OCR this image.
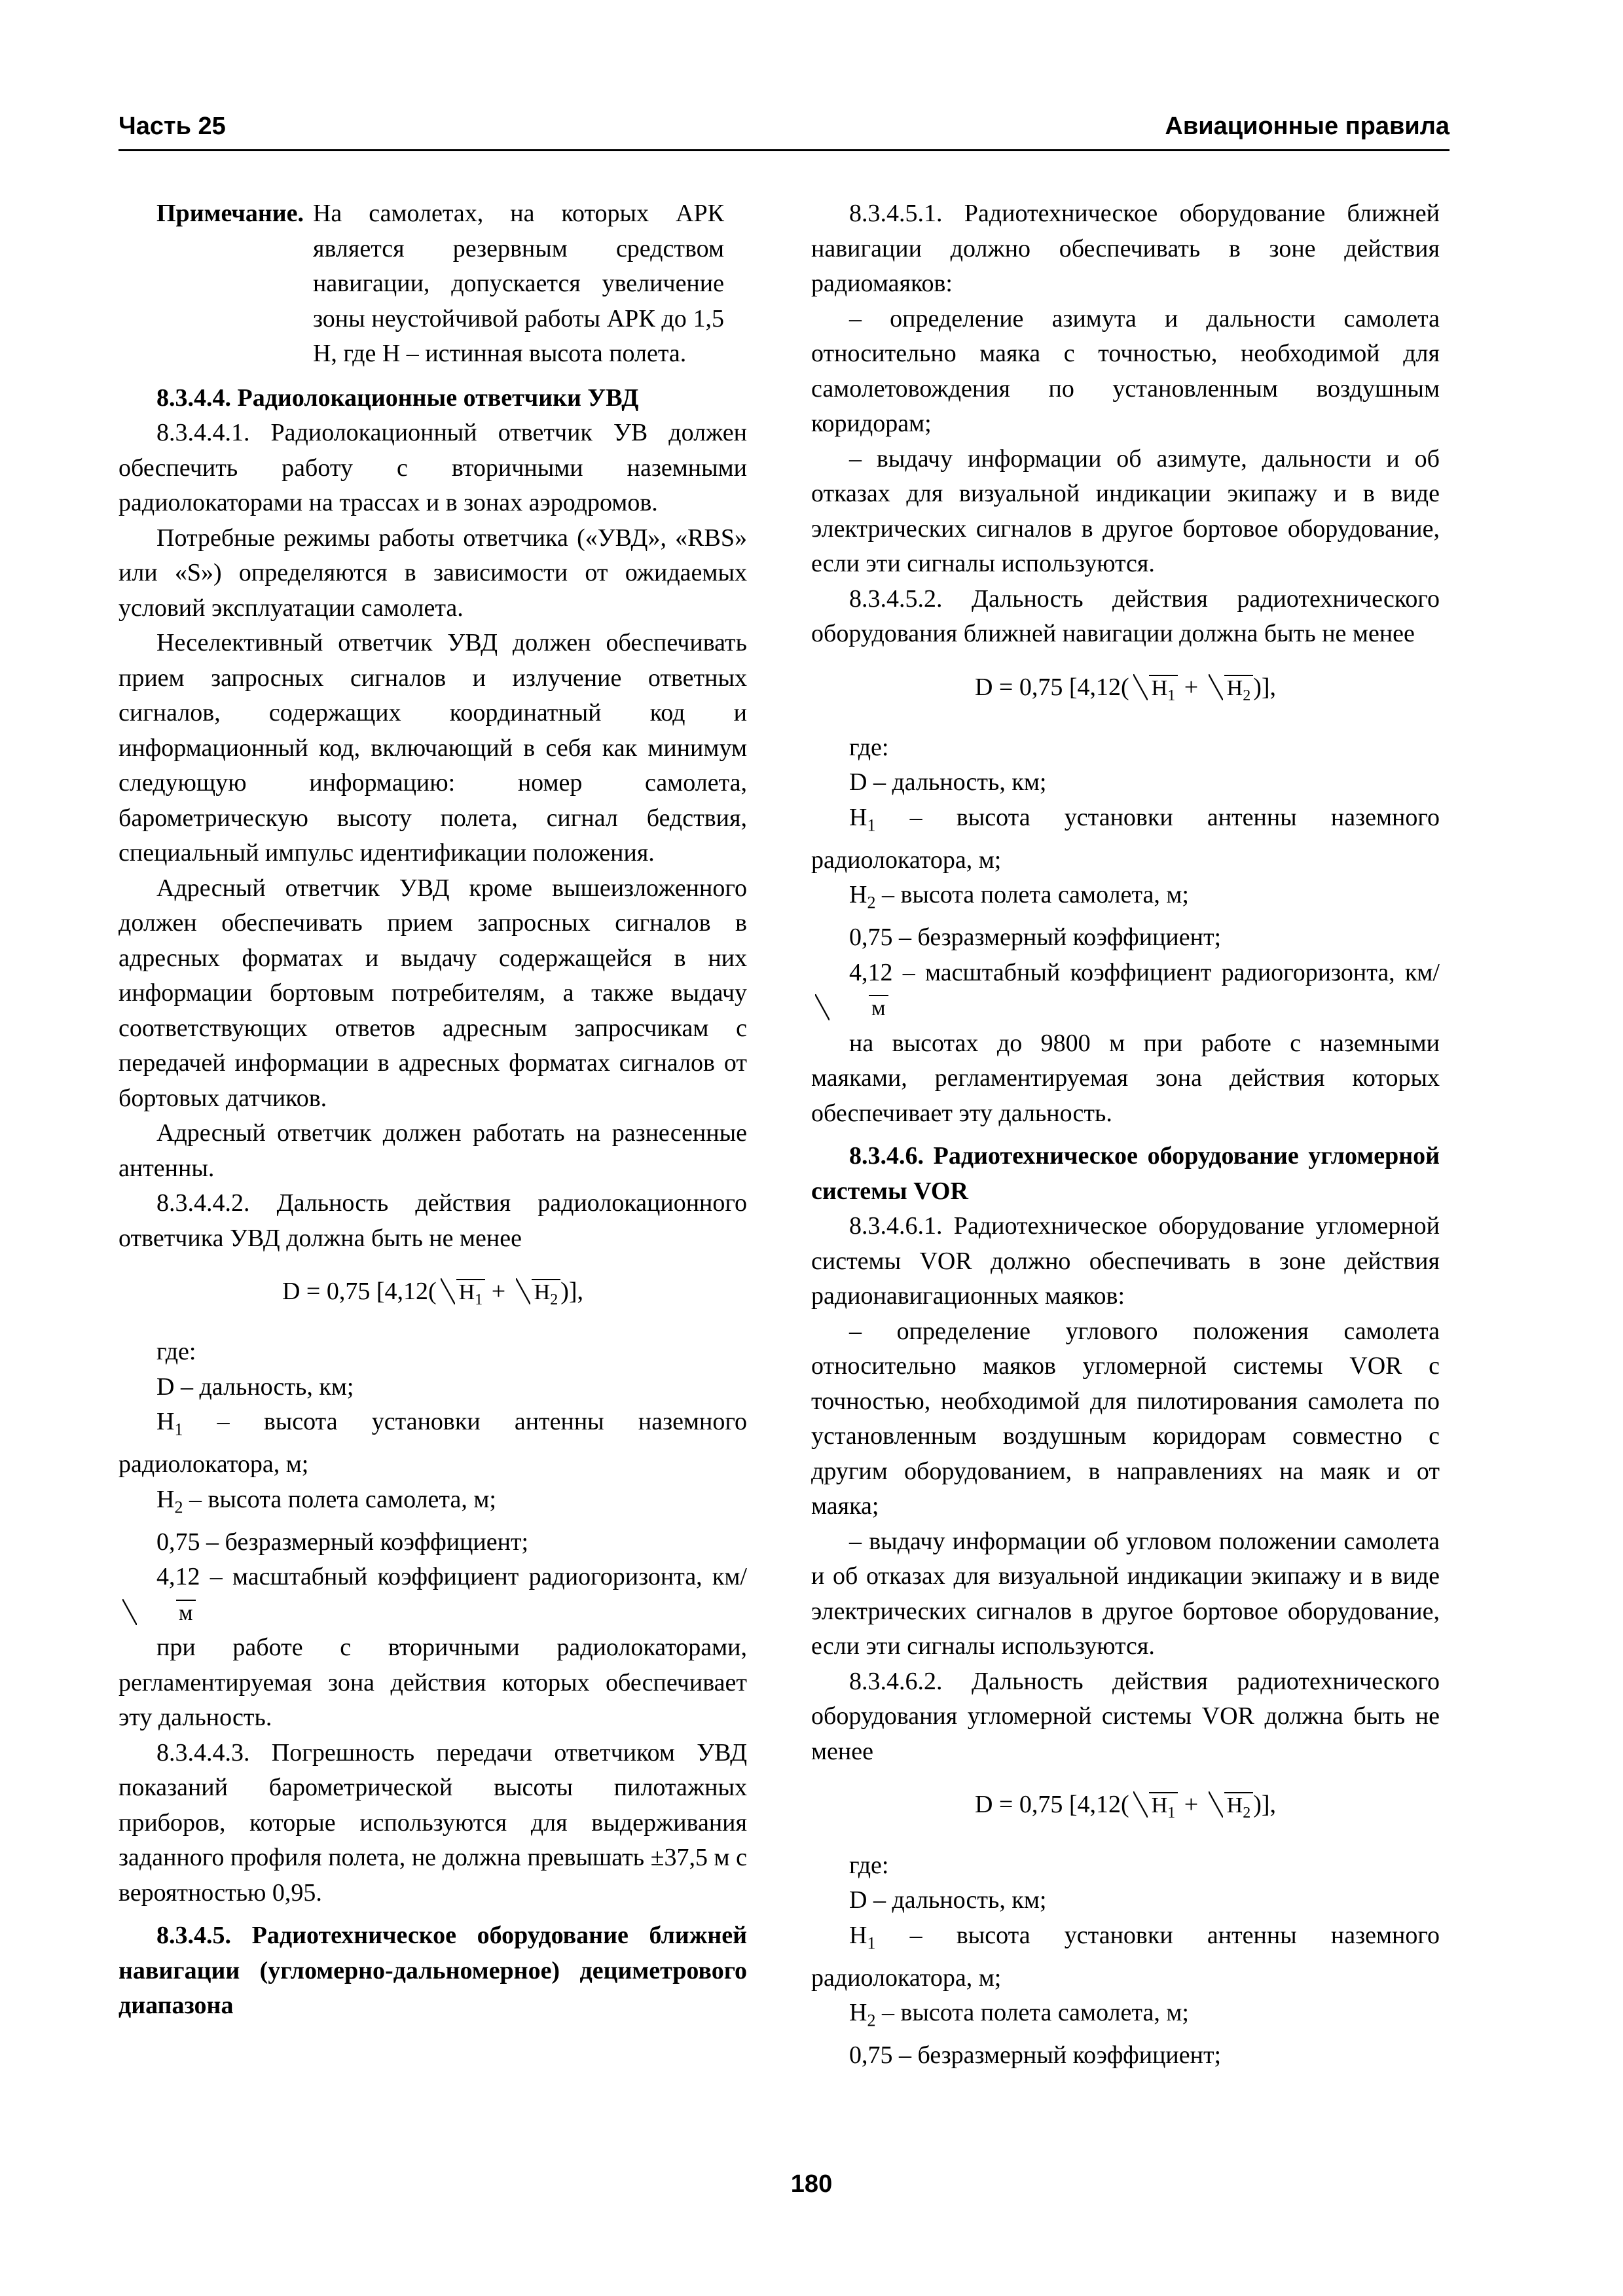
Часть 25	Авиационные правила
Примечание. На самолетах, на которых АРК является резервным средством навигации, допускается увеличение зоны неустойчивой работы АРК до 1,5 Н, где Н – истинная высота полета.

8.3.4.4. Радиолокационные ответчики УВД

8.3.4.4.1. Радиолокационный ответчик УВ должен обеспечить работу с вторичными наземными радиолокаторами на трассах и в зонах аэродромов.

Потребные режимы работы ответчика («УВД», «RBS» или «S») определяются в зависимости от ожидаемых условий эксплуатации самолета.

Неселективный ответчик УВД должен обеспечивать прием запросных сигналов и излучение ответных сигналов, содержащих координатный код и информационный код, включающий в себя как минимум следующую информацию: номер самолета, барометрическую высоту полета, сигнал бедствия, специальный импульс идентификации положения.

Адресный ответчик УВД кроме вышеизложенного должен обеспечивать прием запросных сигналов в адресных форматах и выдачу содержащейся в них информации бортовым потребителям, а также выдачу соответствующих ответов адресным запросчикам с передачей информации в адресных форматах сигналов от бортовых датчиков.

Адресный ответчик должен работать на разнесенные антенны.

8.3.4.4.2. Дальность действия радиолокационного ответчика УВД должна быть не менее

D = 0,75 [4,12( $H_1 + H_2$ )],

где:

D – дальность, км;

$H_1$ – высота установки антенны наземного радиолокатора, м;

$H_2$ – высота полета самолета, м;

0,75 – безразмерный коэффициент;

4,12 – масштабный коэффициент радиогоризонта, км/м

при работе с вторичными радиолокаторами, регламентируемая зона действия которых обеспечивает эту дальность.

8.3.4.4.3. Погрешность передачи ответчиком УВД показаний барометрической высоты пилотажных приборов, которые используются для выдерживания заданного профиля полета, не должна превышать ±37,5 м с вероятностью 0,95.

8.3.4.5. Радиотехническое оборудование ближней навигации (угломерно-дальномерное) дециметрового диапазона

8.3.4.5.1. Радиотехническое оборудование ближней навигации должно обеспечивать в зоне действия радиомаяков:

– определение азимута и дальности самолета относительно маяка с точностью, необходимой для самолетовождения по установленным воздушным коридорам;

– выдачу информации об азимуте, дальности и об отказах для визуальной индикации экипажу и в виде электрических сигналов в другое бортовое оборудование, если эти сигналы используются.

8.3.4.5.2. Дальность действия радиотехнического оборудования ближней навигации должна быть не менее

D = 0,75 [4,12( $H_1 + H_2$ )],

где:

D – дальность, км;

$H_1$ – высота установки антенны наземного радиолокатора, м;

$H_2$ – высота полета самолета, м;

0,75 – безразмерный коэффициент;

4,12 – масштабный коэффициент радиогоризонта, км/м

на высотах до 9800 м при работе с наземными маяками, регламентируемая зона действия которых обеспечивает эту дальность.

8.3.4.6. Радиотехническое оборудование угломерной системы VOR

8.3.4.6.1. Радиотехническое оборудование угломерной системы VOR должно обеспечивать в зоне действия радионавигационных маяков:

– определение углового положения самолета относительно маяков угломерной системы VOR с точностью, необходимой для пилотирования самолета по установленным воздушным коридорам совместно с другим оборудованием, в направлениях на маяк и от маяка;

– выдачу информации об угловом положении самолета и об отказах для визуальной индикации экипажу и в виде электрических сигналов в другое бортовое оборудование, если эти сигналы используются.

8.3.4.6.2. Дальность действия радиотехнического оборудования угломерной системы VOR должна быть не менее

D = 0,75 [4,12( $H_1 + H_2$ )],

где:

D – дальность, км;

$H_1$ – высота установки антенны наземного радиолокатора, м;

$H_2$ – высота полета самолета, м;

0,75 – безразмерный коэффициент;

180
